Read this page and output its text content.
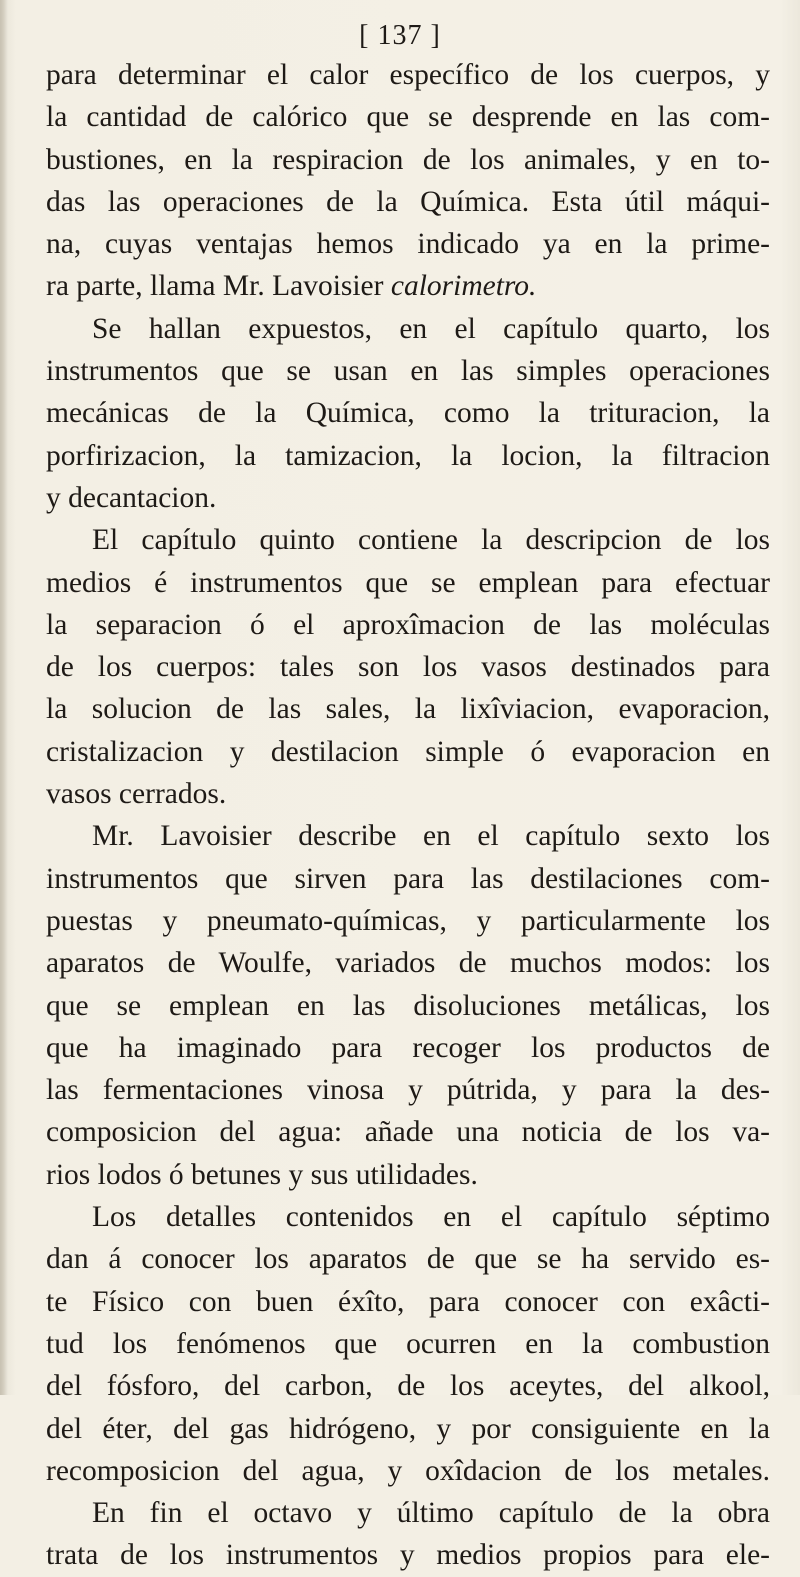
[ 137 ]
para determinar el calor específico de los cuerpos, y
la cantidad de calórico que se desprende en las com-
bustiones, en la respiracion de los animales, y en to-
das las operaciones de la Química. Esta útil máqui-
na, cuyas ventajas hemos indicado ya en la prime-
ra parte, llama Mr. Lavoisier calorimetro.
Se hallan expuestos, en el capítulo quarto, los
instrumentos que se usan en las simples operaciones
mecánicas de la Química, como la trituracion, la
porfirizacion, la tamizacion, la locion, la filtracion
y decantacion.
El capítulo quinto contiene la descripcion de los
medios é instrumentos que se emplean para efectuar
la separacion ó el aproxîmacion de las moléculas
de los cuerpos: tales son los vasos destinados para
la solucion de las sales, la lixîviacion, evaporacion,
cristalizacion y destilacion simple ó evaporacion en
vasos cerrados.
Mr. Lavoisier describe en el capítulo sexto los
instrumentos que sirven para las destilaciones com-
puestas y pneumato-químicas, y particularmente los
aparatos de Woulfe, variados de muchos modos: los
que se emplean en las disoluciones metálicas, los
que ha imaginado para recoger los productos de
las fermentaciones vinosa y pútrida, y para la des-
composicion del agua: añade una noticia de los va-
rios lodos ó betunes y sus utilidades.
Los detalles contenidos en el capítulo séptimo
dan á conocer los aparatos de que se ha servido es-
te Físico con buen éxîto, para conocer con exâcti-
tud los fenómenos que ocurren en la combustion
del fósforo, del carbon, de los aceytes, del alkool,
del éter, del gas hidrógeno, y por consiguiente en la
recomposicion del agua, y oxîdacion de los metales.
En fin el octavo y último capítulo de la obra
trata de los instrumentos y medios propios para ele-
